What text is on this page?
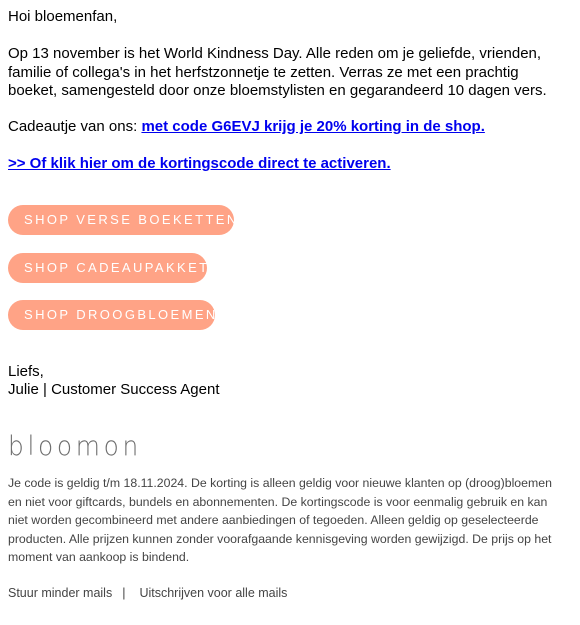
Hoi bloemenfan,

Op 13 november is het World Kindness Day. Alle reden om je geliefde, vrienden, familie of collega's in het herfstzonnetje te zetten. Verras ze met een prachtig boeket, samengesteld door onze bloemstylisten en gegarandeerd 10 dagen vers.

Cadeautje van ons: met code G6EVJ krijg je 20% korting in de shop.

>> Of klik hier om de kortingscode direct te activeren.

SHOP VERSE BOEKETTEN
SHOP CADEAUPAKKET
SHOP DROOGBLOEMEN

Liefs,

Julie | Customer Success Agent

bloomon

Je code is geldig t/m 18.11.2024. De korting is alleen geldig voor nieuwe klanten op (droog)bloemen en niet voor giftcards, bundels en abonnementen. De kortingscode is voor eenmalig gebruik en kan niet worden gecombineerd met andere aanbiedingen of tegoeden. Alleen geldig op geselecteerde producten. Alle prijzen kunnen zonder voorafgaande kennisgeving worden gewijzigd. De prijs op het moment van aankoop is bindend.

Stuur minder mails | Uitschrijven voor alle mails
